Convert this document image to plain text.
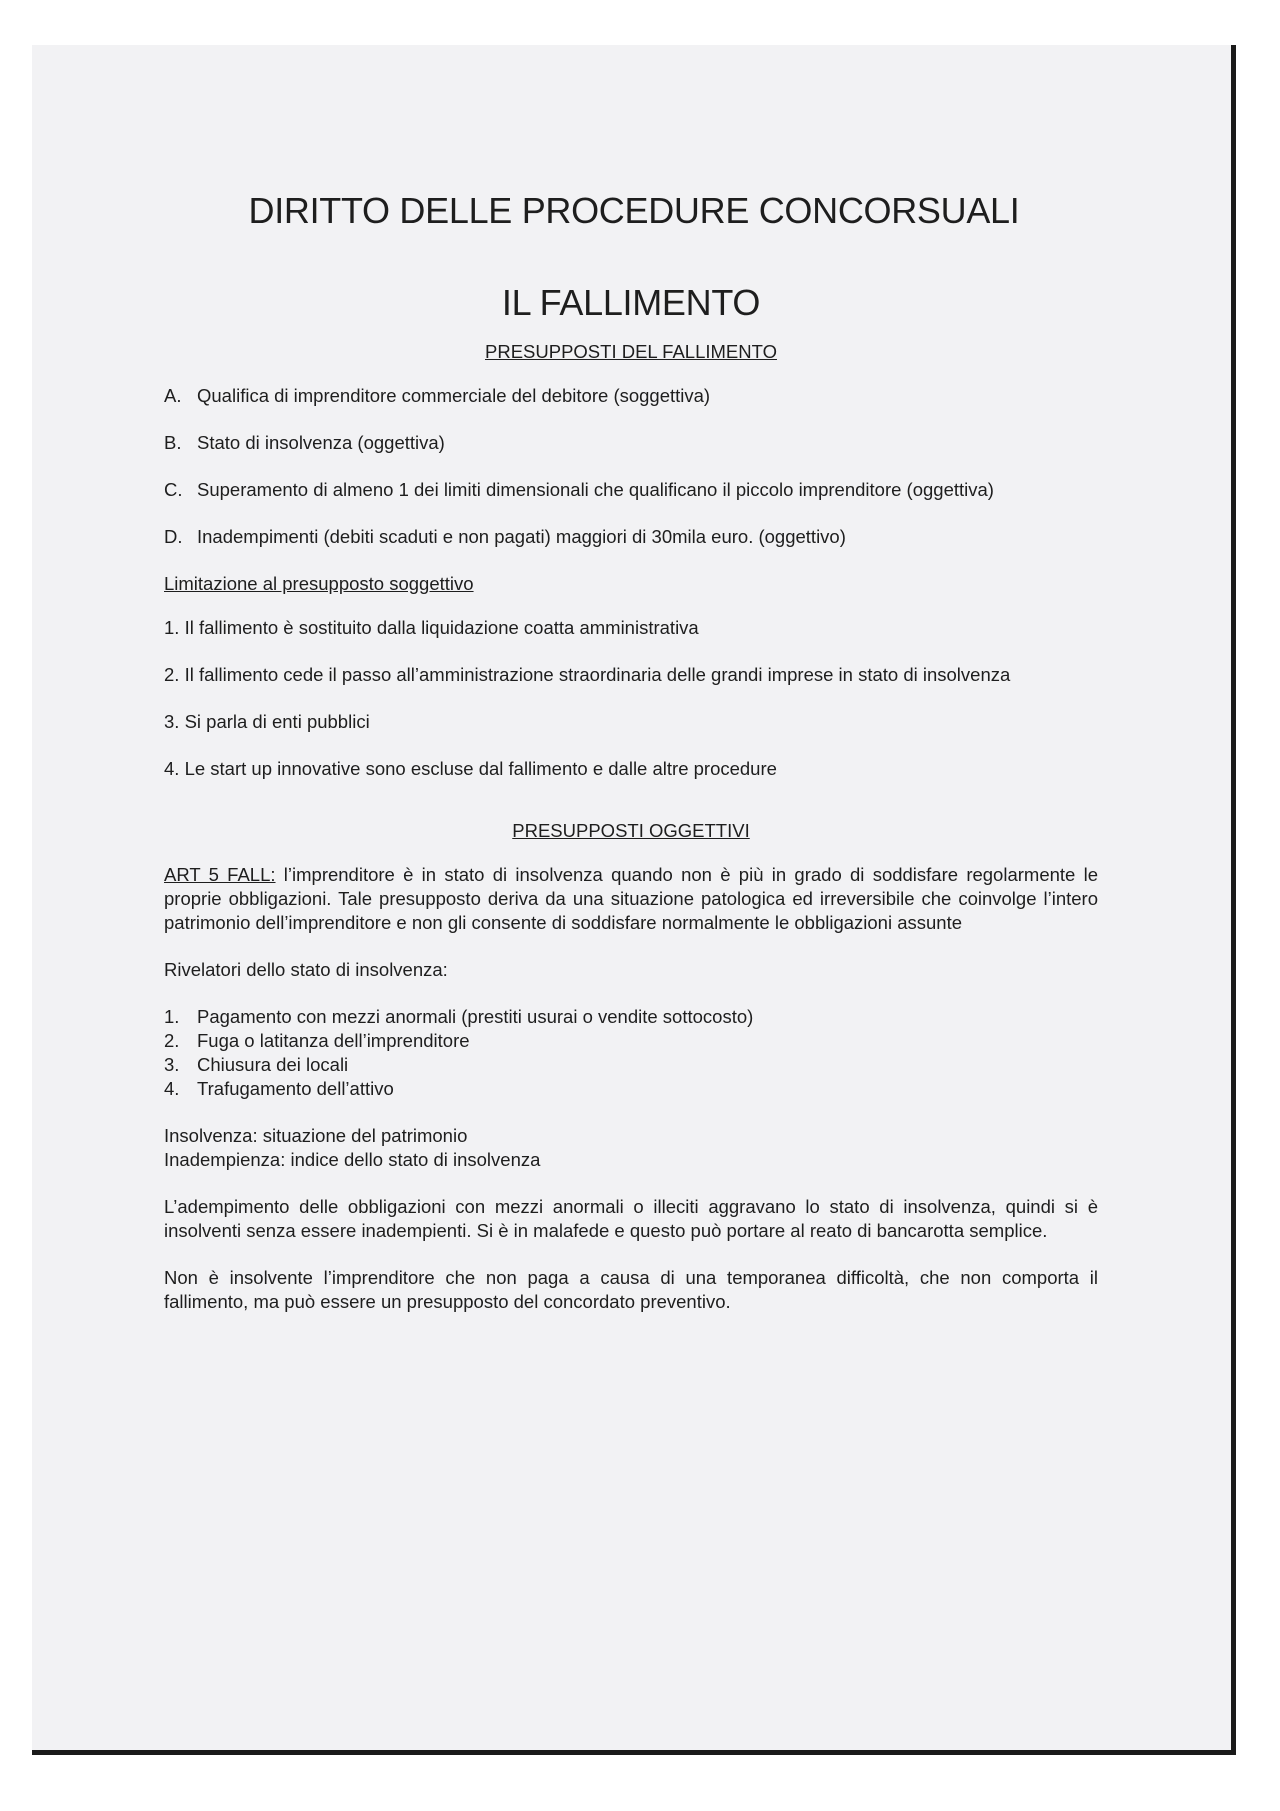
DIRITTO DELLE PROCEDURE CONCORSUALI
IL FALLIMENTO
PRESUPPOSTI DEL FALLIMENTO
A. Qualifica di imprenditore commerciale del debitore (soggettiva)
B. Stato di insolvenza (oggettiva)
C. Superamento di almeno 1 dei limiti dimensionali che qualificano il piccolo imprenditore (oggettiva)
D. Inadempimenti (debiti scaduti e non pagati) maggiori di 30mila euro. (oggettivo)

Limitazione al presupposto soggettivo

1. Il fallimento è sostituito dalla liquidazione coatta amministrativa
2. Il fallimento cede il passo all’amministrazione straordinaria delle grandi imprese in stato di insolvenza
3. Si parla di enti pubblici
4. Le start up innovative sono escluse dal fallimento e dalle altre procedure
PRESUPPOSTI OGGETTIVI

ART 5 FALL: l’imprenditore è in stato di insolvenza quando non è più in grado di soddisfare regolarmente le proprie obbligazioni. Tale presupposto deriva da una situazione patologica ed irreversibile che coinvolge l’intero patrimonio dell’imprenditore e non gli consente di soddisfare normalmente le obbligazioni assunte

Rivelatori dello stato di insolvenza:

1. Pagamento con mezzi anormali (prestiti usurai o vendite sottocosto)
2. Fuga o latitanza dell’imprenditore
3. Chiusura dei locali
4. Trafugamento dell’attivo
Insolvenza: situazione del patrimonio
Inadempienza: indice dello stato di insolvenza

L’adempimento delle obbligazioni con mezzi anormali o illeciti aggravano lo stato di insolvenza, quindi si è insolventi senza essere inadempienti. Si è in malafede e questo può portare al reato di bancarotta semplice.

Non è insolvente l’imprenditore che non paga a causa di una temporanea difficoltà, che non comporta il fallimento, ma può essere un presupposto del concordato preventivo.
